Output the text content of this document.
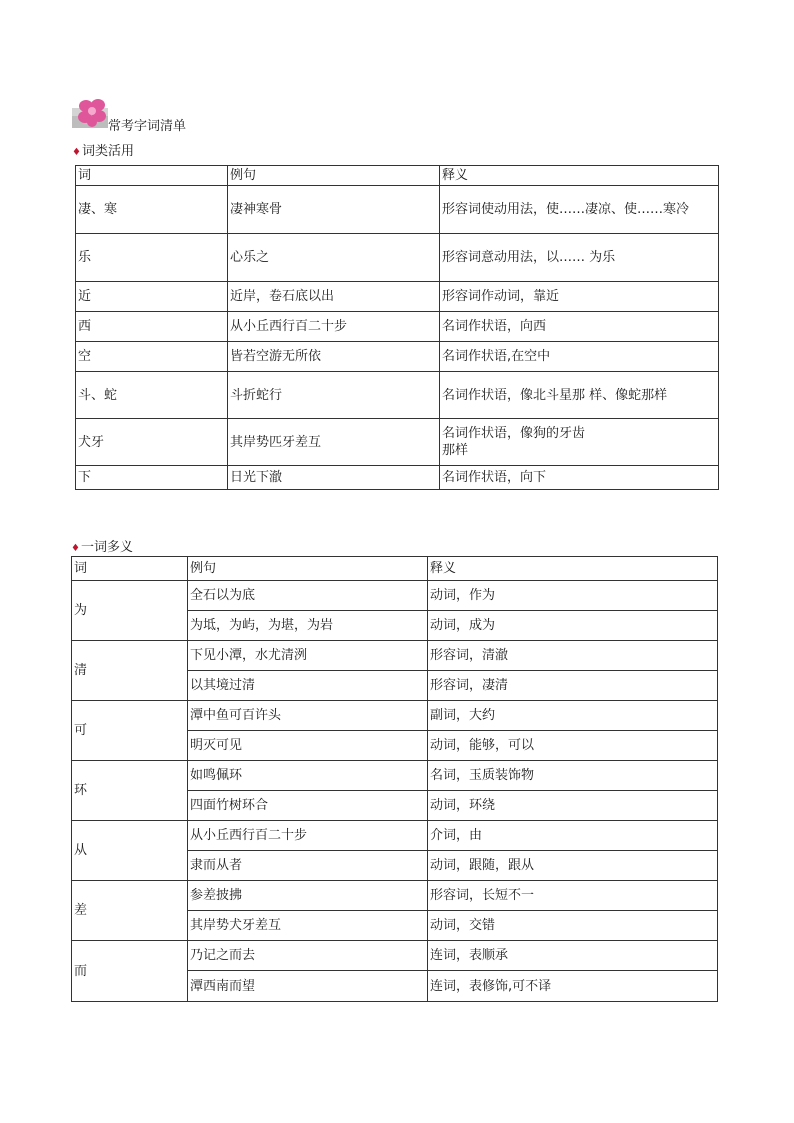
常考字词清单
♦词类活用
词	例句	释义
凄、寒	凄神寒骨	形容词使动用法，使……凄凉、使……寒冷
乐	心乐之	形容词意动用法，以…… 为乐
近	近岸，卷石底以出	形容词作动词，靠近
西	从小丘西行百二十步	名词作状语，向西
空	皆若空游无所依	名词作状语,在空中
斗、蛇	斗折蛇行	名词作状语，像北斗星那 样、像蛇那样
犬牙	其岸势匹牙差互	名词作状语，像狗的牙齿
那样

下	日光下澈	名词作状语，向下
♦一词多义
词	例句	释义
为	全石以为底	动词，作为
	为坻，为屿，为堪，为岩	动词，成为
清	下见小潭，水尤清洌	形容词，清澈
	以其境过清	形容词，凄清
可	潭中鱼可百许头	副词，大约
	明灭可见	动词，能够，可以
环	如鸣佩环	名词，玉质装饰物
	四面竹树环合	动词，环绕
从	从小丘西行百二十步	介词，由
	隶而从者	动词，跟随，跟从
差	参差披拂	形容词，长短不一
	其岸势犬牙差互	动词，交错
而	乃记之而去	连词，表顺承
	潭西南而望	连词，表修饰,可不译
